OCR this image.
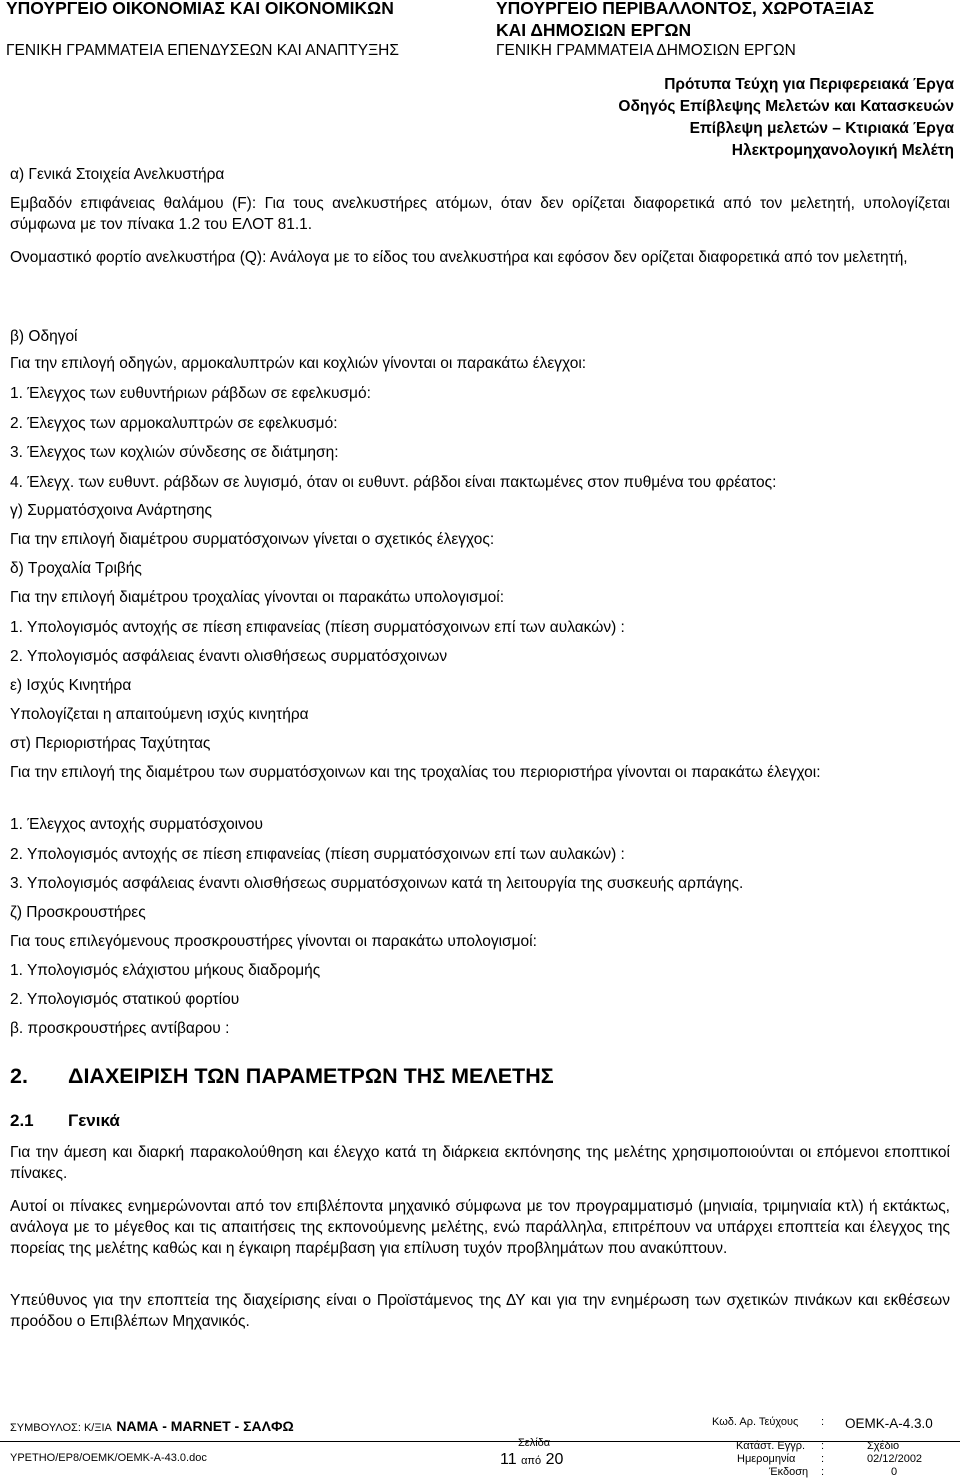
ΥΠΟΥΡΓΕΙΟ ΟΙΚΟΝΟΜΙΑΣ ΚΑΙ ΟΙΚΟΝΟΜΙΚΩΝ
ΓΕΝΙΚΗ ΓΡΑΜΜΑΤΕΙΑ ΕΠΕΝΔΥΣΕΩΝ ΚΑΙ ΑΝΑΠΤΥΞΗΣ
ΥΠΟΥΡΓΕΙΟ ΠΕΡΙΒΑΛΛΟΝΤΟΣ, ΧΩΡΟΤΑΞΙΑΣ
ΚΑΙ ΔΗΜΟΣΙΩΝ ΕΡΓΩΝ
ΓΕΝΙΚΗ ΓΡΑΜΜΑΤΕΙΑ ΔΗΜΟΣΙΩΝ ΕΡΓΩΝ
Πρότυπα Τεύχη για Περιφερειακά Έργα
Οδηγός Επίβλεψης Μελετών και Κατασκευών
Επίβλεψη μελετών – Κτιριακά Έργα
Ηλεκτρομηχανολογική Μελέτη
α) Γενικά Στοιχεία Ανελκυστήρα
Εμβαδόν επιφάνειας θαλάμου (F): Για τους ανελκυστήρες ατόμων, όταν δεν ορίζεται διαφορετικά από τον μελετητή, υπολογίζεται σύμφωνα με τον πίνακα 1.2 του ΕΛΟΤ 81.1.
Ονομαστικό φορτίο ανελκυστήρα (Q): Ανάλογα με το είδος του ανελκυστήρα και εφόσον δεν ορίζεται διαφορετικά από τον μελετητή,
β) Οδηγοί
Για την επιλογή οδηγών, αρμοκαλυπτρών και κοχλιών γίνονται οι παρακάτω έλεγχοι:
1. Έλεγχος των ευθυντήριων ράβδων σε εφελκυσμό:
2. Έλεγχος των αρμοκαλυπτρών σε εφελκυσμό:
3. Έλεγχος των κοχλιών σύνδεσης σε διάτμηση:
4. Έλεγχ. των ευθυντ. ράβδων σε λυγισμό, όταν οι ευθυντ. ράβδοι είναι πακτωμένες στον πυθμένα του φρέατος:
γ) Συρματόσχοινα Ανάρτησης
Για την επιλογή διαμέτρου συρματόσχοινων γίνεται ο σχετικός έλεγχος:
δ) Τροχαλία Τριβής
Για την επιλογή διαμέτρου τροχαλίας γίνονται οι παρακάτω υπολογισμοί:
1. Υπολογισμός αντοχής σε πίεση επιφανείας (πίεση συρματόσχοινων επί των αυλακών) :
2. Υπολογισμός ασφάλειας έναντι ολισθήσεως συρματόσχοινων
ε) Ισχύς Κινητήρα
Υπολογίζεται η απαιτούμενη ισχύς κινητήρα
στ) Περιοριστήρας Ταχύτητας
Για την επιλογή της διαμέτρου των συρματόσχοινων και της τροχαλίας του περιοριστήρα γίνονται οι παρακάτω έλεγχοι:
1. Έλεγχος αντοχής συρματόσχοινου
2. Υπολογισμός αντοχής σε πίεση επιφανείας (πίεση συρματόσχοινων επί των αυλακών) :
3. Υπολογισμός ασφάλειας έναντι ολισθήσεως συρματόσχοινων κατά τη λειτουργία της συσκευής αρπάγης.
ζ) Προσκρουστήρες
Για τους επιλεγόμενους προσκρουστήρες γίνονται οι παρακάτω υπολογισμοί:
1. Υπολογισμός ελάχιστου μήκους διαδρομής
2. Υπολογισμός στατικού φορτίου
β. προσκρουστήρες αντίβαρου :
2. ΔΙΑΧΕΙΡΙΣΗ ΤΩΝ ΠΑΡΑΜΕΤΡΩΝ ΤΗΣ ΜΕΛΕΤΗΣ
2.1 Γενικά
Για την άμεση και διαρκή παρακολούθηση και έλεγχο κατά τη διάρκεια εκπόνησης της μελέτης χρησιμοποιούνται οι επόμενοι εποπτικοί πίνακες.
Αυτοί οι πίνακες ενημερώνονται από τον επιβλέποντα μηχανικό σύμφωνα με τον προγραμματισμό (μηνιαία, τριμηνιαία κτλ) ή εκτάκτως, ανάλογα με το μέγεθος και τις απαιτήσεις της εκπονούμενης μελέτης, ενώ παράλληλα, επιτρέπουν να υπάρχει εποπτεία και έλεγχος της πορείας της μελέτης καθώς και η έγκαιρη παρέμβαση για επίλυση τυχόν προβλημάτων που ανακύπτουν.
Υπεύθυνος για την εποπτεία της διαχείρισης είναι ο Προϊστάμενος της ΔΥ και για την ενημέρωση των σχετικών πινάκων και εκθέσεων προόδου ο Επιβλέπων Μηχανικός.
ΣΥΜΒΟΥΛΟΣ: Κ/ΞΙΑ ΝΑΜΑ - MARNET - ΣΑΛΦΩ
ΥΡΕΤΗΟ/ΕΡ8/ΟΕΜΚ/ΟΕΜΚ-Α-43.0.doc
Σελίδα
11 από 20
Κωδ. Αρ. Τεύχους : ΟΕΜΚ-Α-4.3.0
Κατάστ. Εγγρ. :	Σχέδιο
Ημερομηνία :	02/12/2002
Έκδοση :	0
